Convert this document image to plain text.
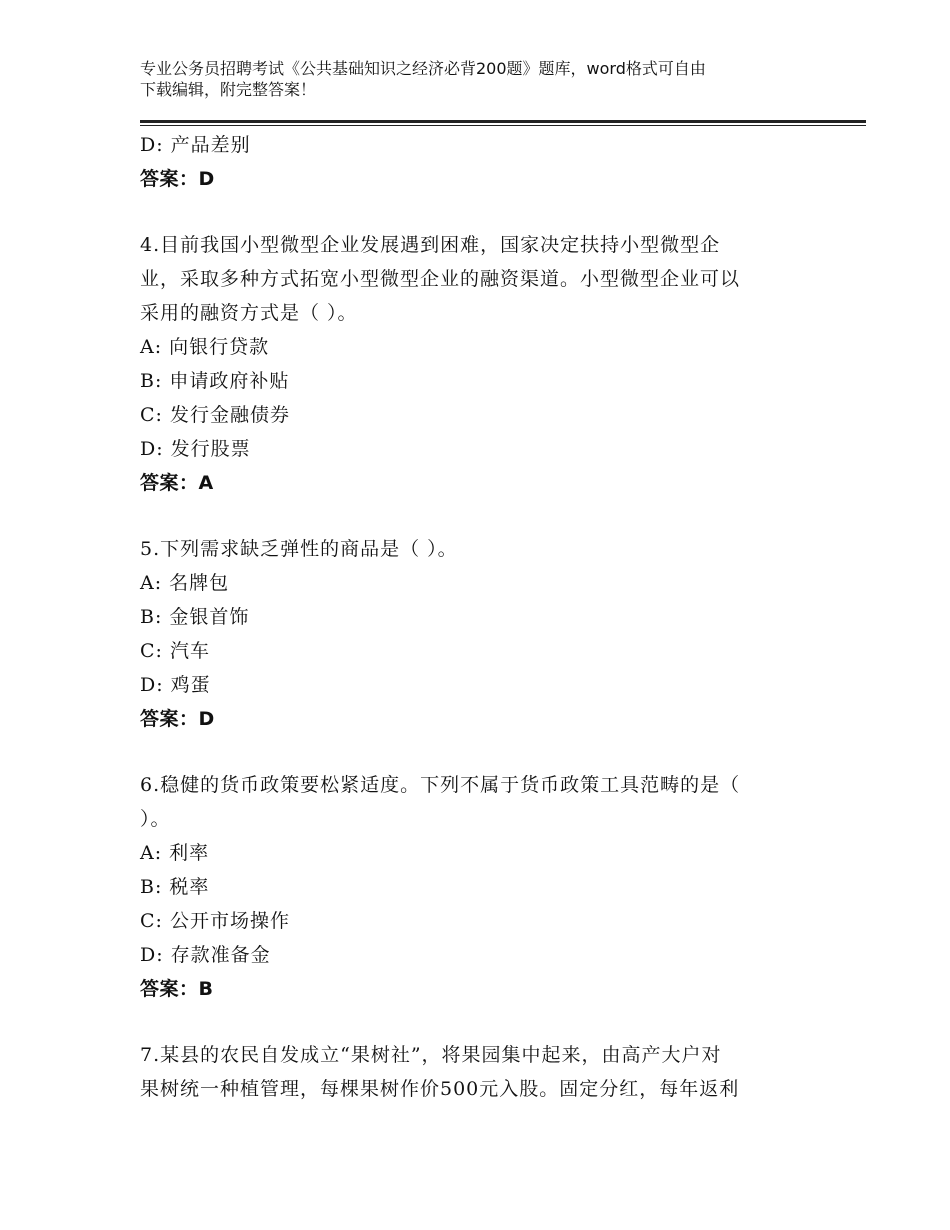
专业公务员招聘考试《公共基础知识之经济必背200题》题库，word格式可自由
下载编辑，附完整答案！
D: 产品差别
答案：D
4.目前我国小型微型企业发展遇到困难，国家决定扶持小型微型企
业，采取多种方式拓宽小型微型企业的融资渠道。小型微型企业可以
采用的融资方式是（ ）。
A: 向银行贷款
B: 申请政府补贴
C: 发行金融债券
D: 发行股票
答案：A
5.下列需求缺乏弹性的商品是（ ）。
A: 名牌包
B: 金银首饰
C: 汽车
D: 鸡蛋
答案：D
6.稳健的货币政策要松紧适度。下列不属于货币政策工具范畴的是（
）。
A: 利率
B: 税率
C: 公开市场操作
D: 存款准备金
答案：B
7.某县的农民自发成立“果树社”，将果园集中起来，由高产大户对
果树统一种植管理，每棵果树作价500元入股。固定分红，每年返利
